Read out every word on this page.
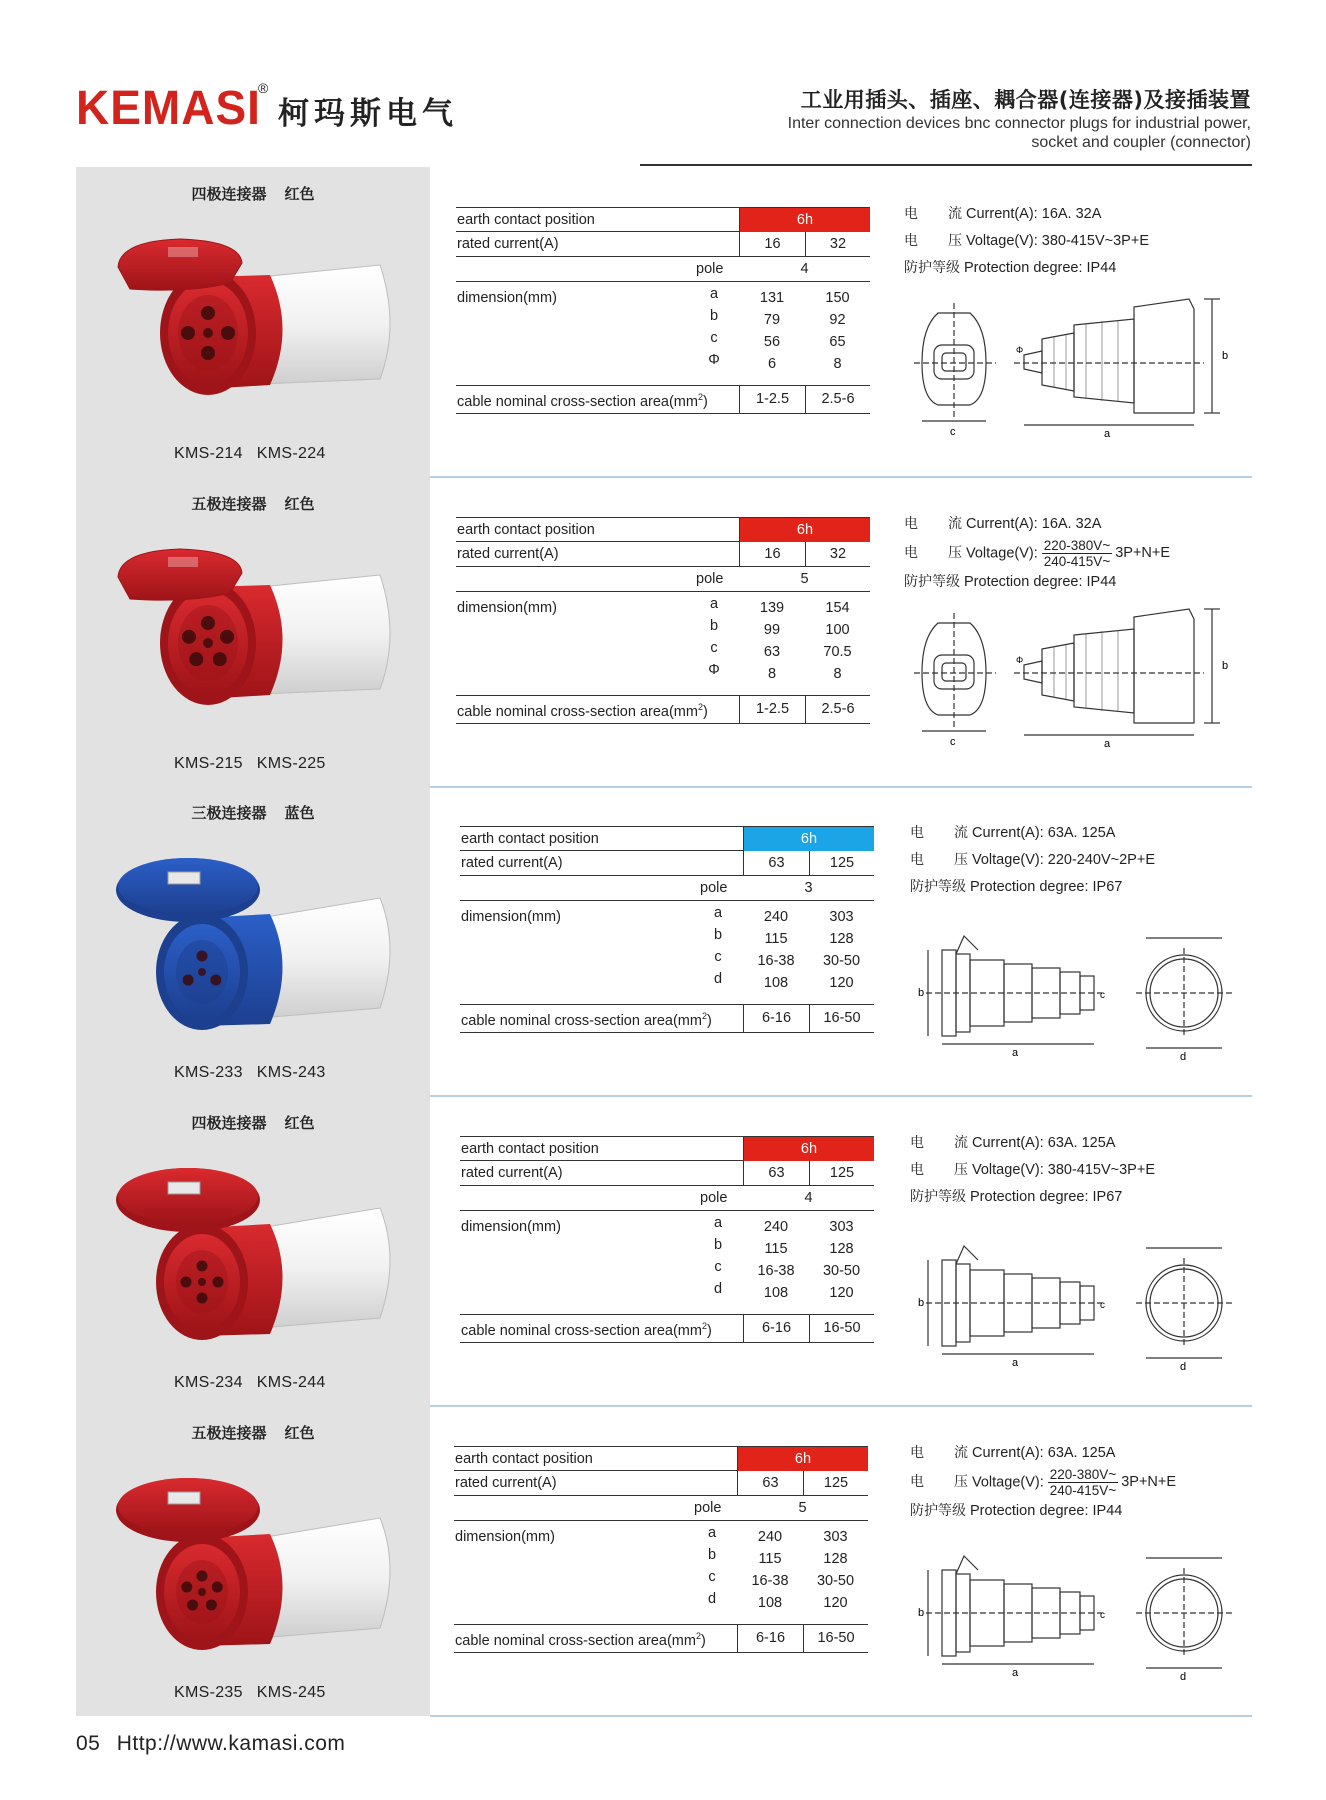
KEMASI
®
柯玛斯电气	工业用插头、插座、耦合器(连接器)及接插装置
Inter connection devices bnc connector plugs for industrial power,
socket and coupler (connector)
四极连接器 红色
KMS-214 KMS-224
earth contact position	6h
rated current(A)	16	32
pole	4
dimension(mm)	a	131	150
b	79	92
c	56	65
Φ	6	8
cable nominal cross-section $area(mm^2)$	1-2.5	2.5-6
电 流 Current(A): 16A. 32A
电 压 Voltage(V): 380-415V~3P+E
防护等级 Protection degree: IP44
c	a
b
Φ
五极连接器 红色
KMS-215 KMS-225
earth contact position	6h
rated current(A)	16	32
pole	5
dimension(mm)	a	139	154
b	99	100
c	63	70.5
Φ	8	8
cable nominal cross-section $area(mm^2)$	1-2.5	2.5-6
电 流 Current(A): 16A. 32A
电 压 Voltage(V): $\frac{220-380V\sim}{240-415V\sim} 3P+N+E$
防护等级 Protection degree: IP44
c	a
b
Φ
三极连接器 蓝色
KMS-233 KMS-243
earth contact position	6h
rated current(A)	63	125
pole	3
dimension(mm)	a	240	303
b	115	128
c	16-38	30-50
d	108	120
cable nominal cross-section $area(mm^2)$	6-16	16-50
电 流 Current(A): 63A. 125A
电 压 Voltage(V): 220-240V~2P+E
防护等级 Protection degree: IP67
b
a
c
d
四极连接器 红色
KMS-234 KMS-244
earth contact position	6h
rated current(A)	63	125
pole	4
dimension(mm)	a	240	303
b	115	128
c	16-38	30-50
d	108	120
cable nominal cross-section $area(mm^2)$	6-16	16-50
电 流 Current(A): 63A. 125A
电 压 Voltage(V): 380-415V~3P+E
防护等级 Protection degree: IP67
b
a
c
d
五极连接器 红色
KMS-235 KMS-245
earth contact position	6h
rated current(A)	63	125
pole	5
dimension(mm)	a	240	303
b	115	128
c	16-38	30-50
d	108	120
cable nominal cross-section $area(mm^2)$	6-16	16-50
电 流 Current(A): 63A. 125A
电 压 Voltage(V): $\frac{220-380V\sim}{240-415V\sim} 3P+N+E$
防护等级 Protection degree: IP44
b
a
c
d
05 Http://www.kamasi.com
